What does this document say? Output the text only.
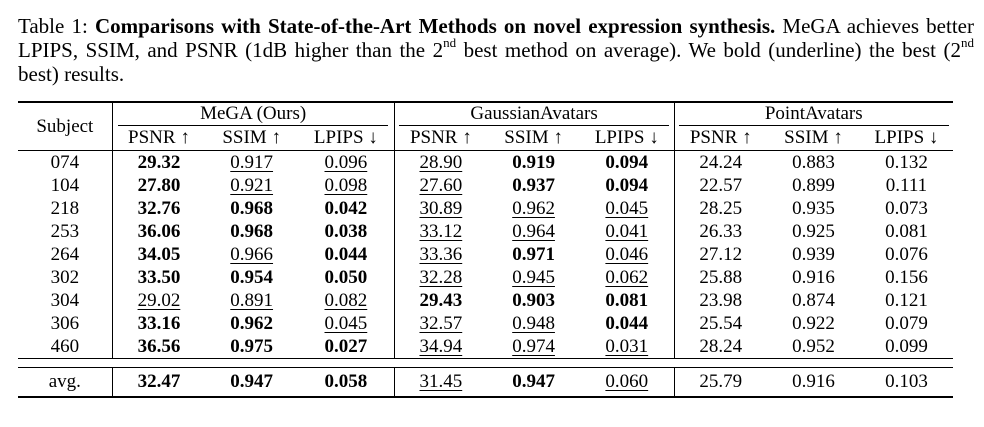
Table 1: Comparisons with State-of-the-Art Methods on novel expression synthesis. MeGA achieves better LPIPS, SSIM, and PSNR (1dB higher than the 2nd best method on average). We bold (underline) the best (2nd best) results.

Subject	MeGA (Ours)			GaussianAvatars			PointAvatars		
	PSNR ↑	SSIM ↑	LPIPS ↓	PSNR ↑	SSIM ↑	LPIPS ↓	PSNR ↑	SSIM ↑	LPIPS ↓

074	29.32	0.917	0.096	28.90	0.919	0.094	24.24	0.883	0.132
104	27.80	0.921	0.098	27.60	0.937	0.094	22.57	0.899	0.111
218	32.76	0.968	0.042	30.89	0.962	0.045	28.25	0.935	0.073
253	36.06	0.968	0.038	33.12	0.964	0.041	26.33	0.925	0.081
264	34.05	0.966	0.044	33.36	0.971	0.046	27.12	0.939	0.076
302	33.50	0.954	0.050	32.28	0.945	0.062	25.88	0.916	0.156
304	29.02	0.891	0.082	29.43	0.903	0.081	23.98	0.874	0.121
306	33.16	0.962	0.045	32.57	0.948	0.044	25.54	0.922	0.079
460	36.56	0.975	0.027	34.94	0.974	0.031	28.24	0.952	0.099

avg.	32.47	0.947	0.058	31.45	0.947	0.060	25.79	0.916	0.103
